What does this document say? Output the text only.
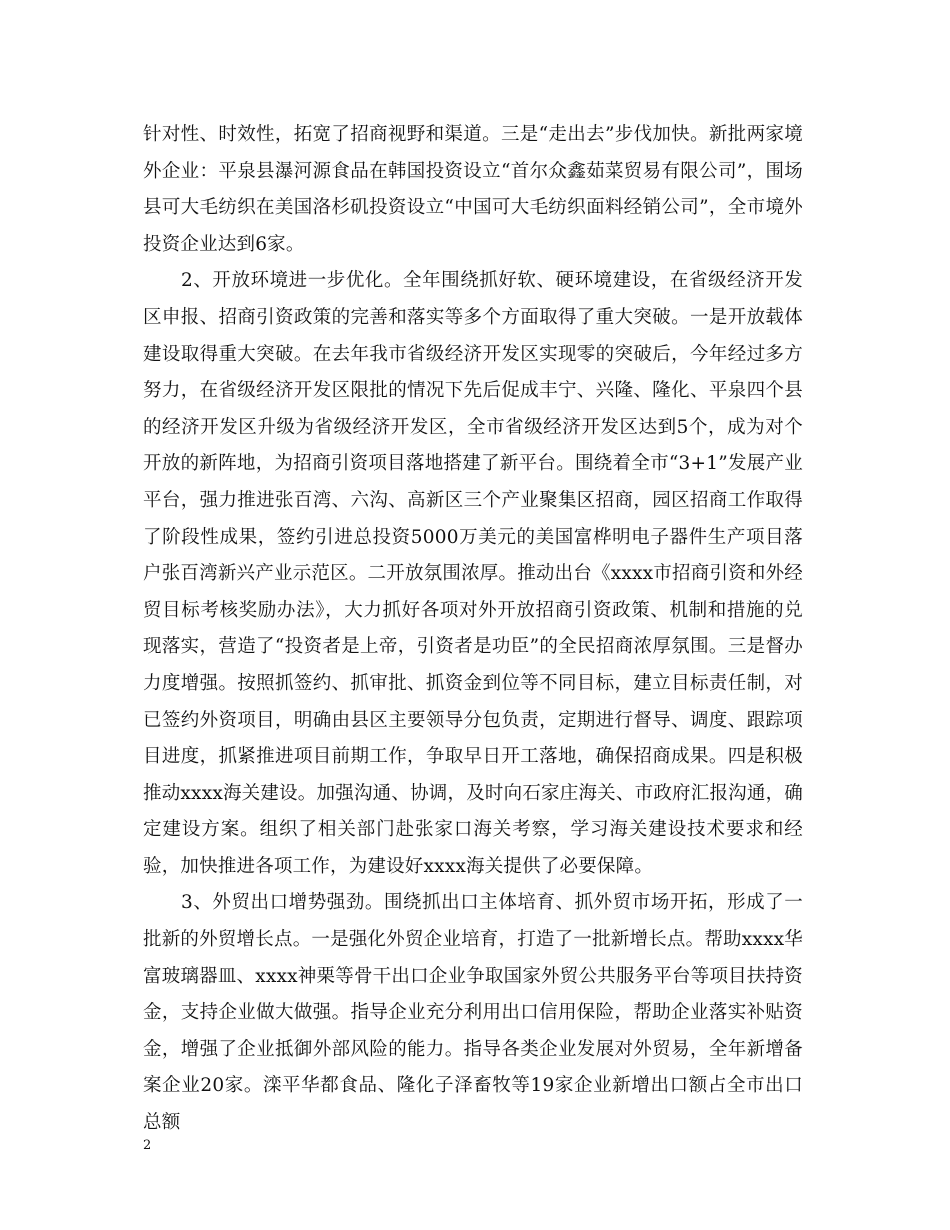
针对性、时效性，拓宽了招商视野和渠道。三是“走出去”步伐加快。新批两家境外企业：平泉县瀑河源食品在韩国投资设立“首尔众鑫茹菜贸易有限公司”，围场县可大毛纺织在美国洛杉矶投资设立“中国可大毛纺织面料经销公司”，全市境外投资企业达到6家。

2、开放环境进一步优化。全年围绕抓好软、硬环境建设，在省级经济开发区申报、招商引资政策的完善和落实等多个方面取得了重大突破。一是开放载体建设取得重大突破。在去年我市省级经济开发区实现零的突破后，今年经过多方努力，在省级经济开发区限批的情况下先后促成丰宁、兴隆、隆化、平泉四个县的经济开发区升级为省级经济开发区，全市省级经济开发区达到5个，成为对个开放的新阵地，为招商引资项目落地搭建了新平台。围绕着全市“3+1”发展产业平台，强力推进张百湾、六沟、高新区三个产业聚集区招商，园区招商工作取得了阶段性成果，签约引进总投资5000万美元的美国富桦明电子器件生产项目落户张百湾新兴产业示范区。二开放氛围浓厚。推动出台《xxxx市招商引资和外经贸目标考核奖励办法》，大力抓好各项对外开放招商引资政策、机制和措施的兑现落实，营造了“投资者是上帝，引资者是功臣”的全民招商浓厚氛围。三是督办力度增强。按照抓签约、抓审批、抓资金到位等不同目标，建立目标责任制，对已签约外资项目，明确由县区主要领导分包负责，定期进行督导、调度、跟踪项目进度，抓紧推进项目前期工作，争取早日开工落地，确保招商成果。四是积极推动xxxx海关建设。加强沟通、协调，及时向石家庄海关、市政府汇报沟通，确定建设方案。组织了相关部门赴张家口海关考察，学习海关建设技术要求和经验，加快推进各项工作，为建设好xxxx海关提供了必要保障。

3、外贸出口增势强劲。围绕抓出口主体培育、抓外贸市场开拓，形成了一批新的外贸增长点。一是强化外贸企业培育，打造了一批新增长点。帮助xxxx华富玻璃器皿、xxxx神栗等骨干出口企业争取国家外贸公共服务平台等项目扶持资金，支持企业做大做强。指导企业充分利用出口信用保险，帮助企业落实补贴资金，增强了企业抵御外部风险的能力。指导各类企业发展对外贸易，全年新增备案企业20家。滦平华都食品、隆化子泽畜牧等19家企业新增出口额占全市出口总额

2
